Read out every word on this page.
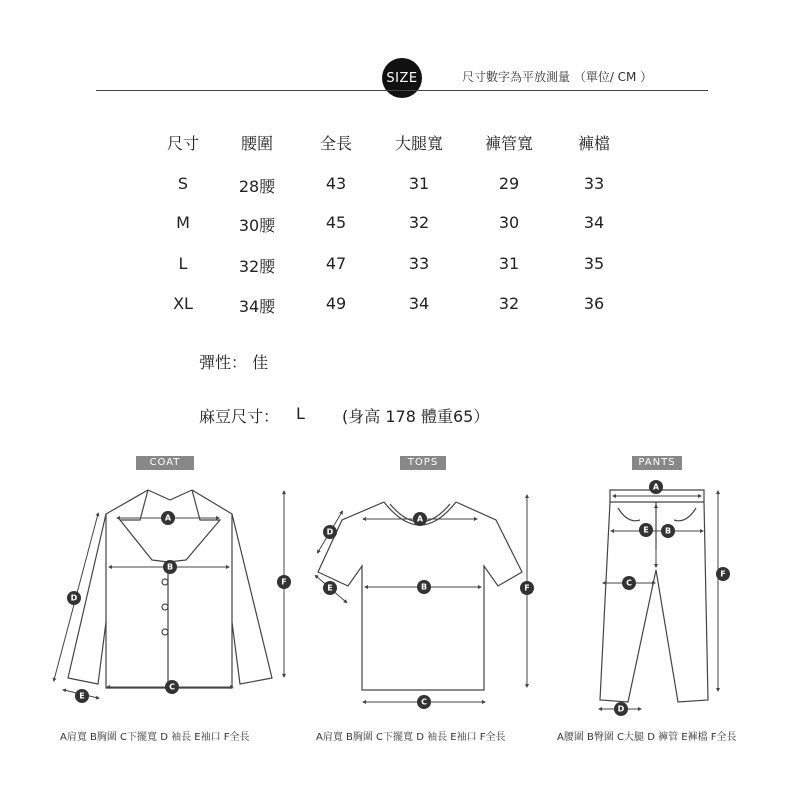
SIZE	尺寸數字為平放測量 （單位/ CM ）
尺寸	腰圍	全長	大腿寬	褲管寬	褲檔
S	28腰	43	31	29	33
M	30腰	45	32	30	34
L	32腰	47	33	31	35
XL	34腰	49	34	32	36
彈性： 佳
麻豆尺寸： L (身高 178 體重65）
COAT	TOPS	PANTS
A
B
C
D
E
F
A
B
C
D
E	F
A
B
C
D
E
F
A肩寬 B胸圍 C下擺寬 D 袖長 E袖口 F全長	A肩寬 B胸圍 C下擺寬 D 袖長 E袖口 F全長	A腰圍 B臀圍 C大腿 D 褲管 E褲檔 F全長
